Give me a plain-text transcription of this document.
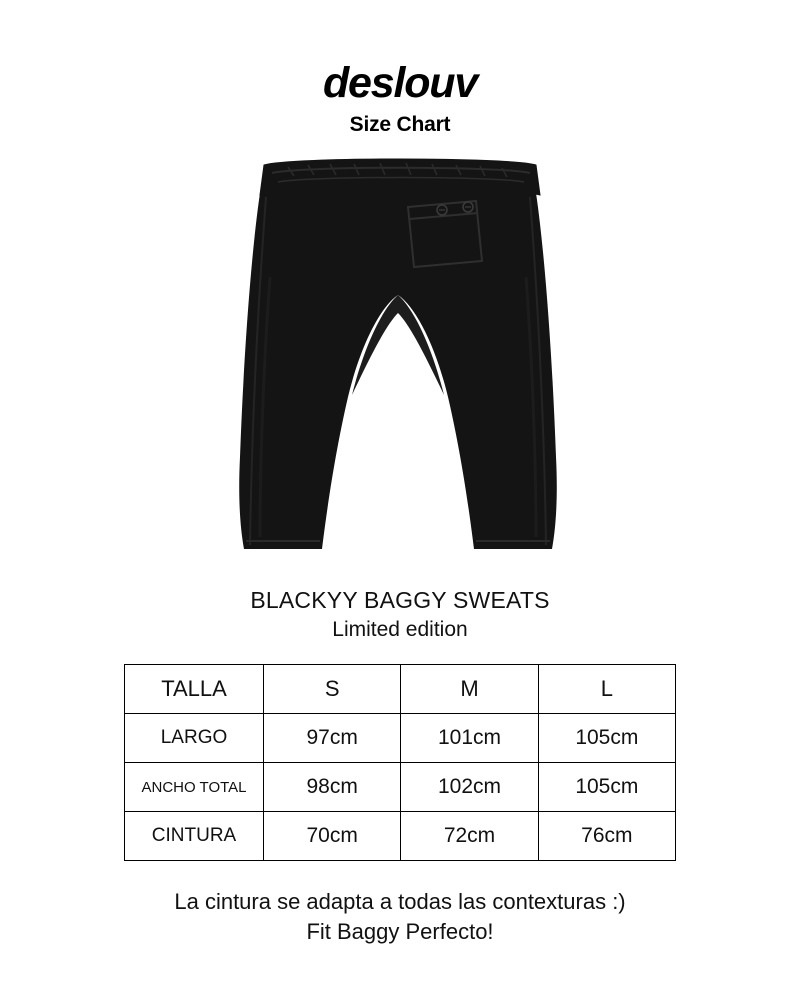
deslouv
Size Chart
BLACKYY BAGGY SWEATS
Limited edition
TALLA	S	M	L
LARGO	97cm	101cm	105cm
ANCHO TOTAL	98cm	102cm	105cm
CINTURA	70cm	72cm	76cm
La cintura se adapta a todas las contexturas :)
Fit Baggy Perfecto!
